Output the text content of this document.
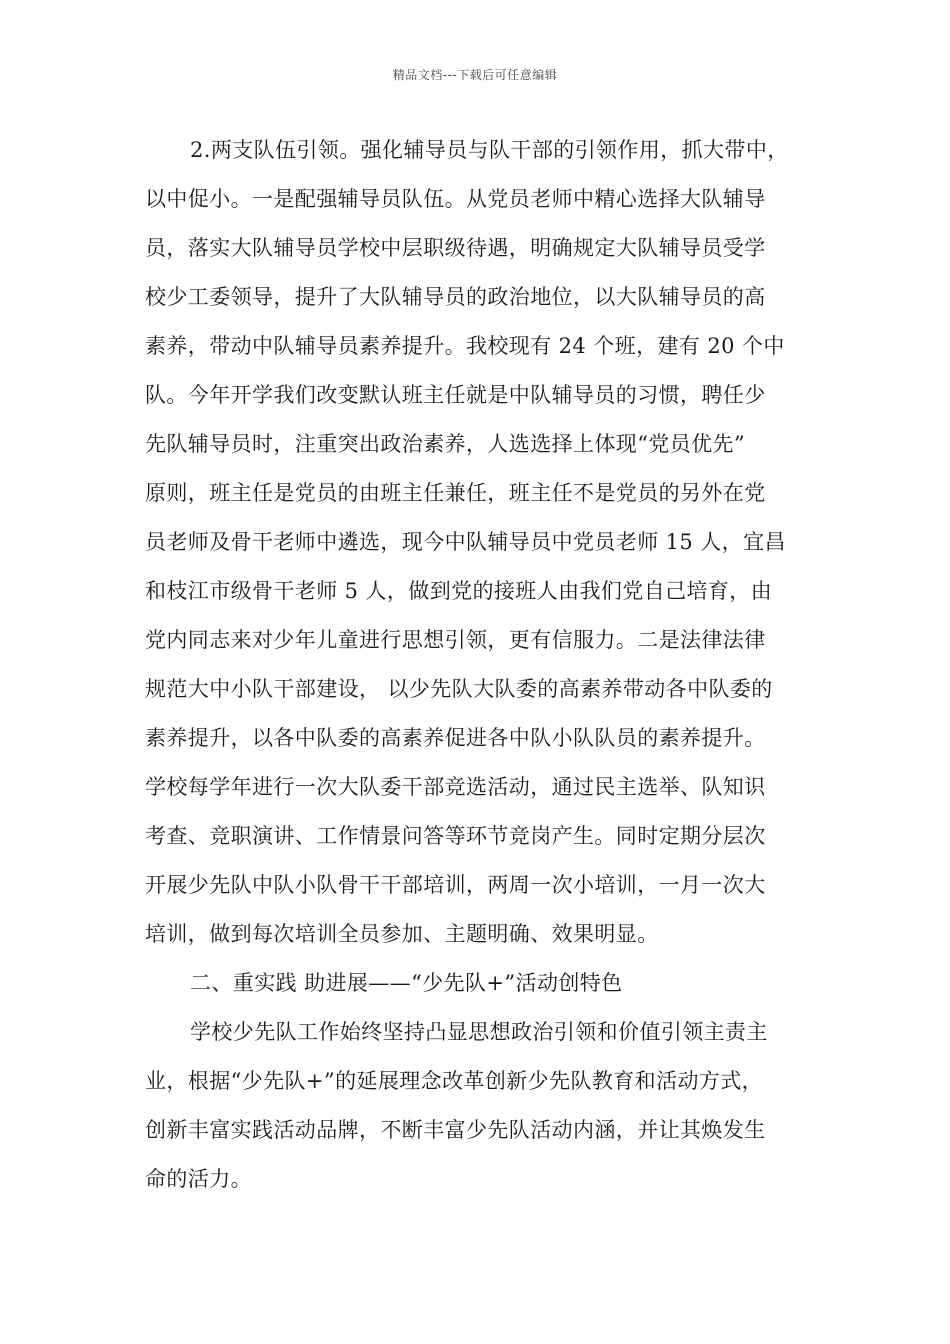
精品文档---下载后可任意编辑
2.两支队伍引领。强化辅导员与队干部的引领作用，抓大带中，
以中促小。一是配强辅导员队伍。从党员老师中精心选择大队辅导
员，落实大队辅导员学校中层职级待遇，明确规定大队辅导员受学
校少工委领导，提升了大队辅导员的政治地位，以大队辅导员的高
素养，带动中队辅导员素养提升。我校现有 24 个班，建有 20 个中
队。今年开学我们改变默认班主任就是中队辅导员的习惯，聘任少
先队辅导员时，注重突出政治素养，人选选择上体现“党员优先”
原则，班主任是党员的由班主任兼任，班主任不是党员的另外在党
员老师及骨干老师中遴选，现今中队辅导员中党员老师 15 人，宜昌
和枝江市级骨干老师 5 人，做到党的接班人由我们党自己培育，由
党内同志来对少年儿童进行思想引领，更有信服力。二是法律法律
规范大中小队干部建设， 以少先队大队委的高素养带动各中队委的
素养提升，以各中队委的高素养促进各中队小队队员的素养提升。
学校每学年进行一次大队委干部竞选活动，通过民主选举、队知识
考查、竞职演讲、工作情景问答等环节竞岗产生。同时定期分层次
开展少先队中队小队骨干干部培训，两周一次小培训，一月一次大
培训，做到每次培训全员参加、主题明确、效果明显。
二、重实践 助进展——“少先队+”活动创特色
学校少先队工作始终坚持凸显思想政治引领和价值引领主责主
业，根据“少先队+”的延展理念改革创新少先队教育和活动方式，
创新丰富实践活动品牌，不断丰富少先队活动内涵，并让其焕发生
命的活力。
